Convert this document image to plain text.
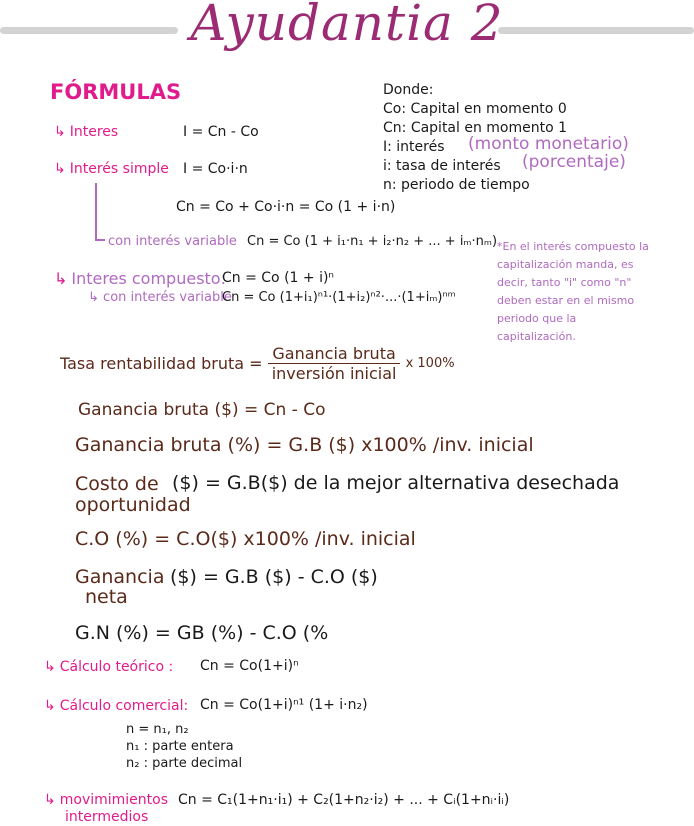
Ayudantia 2
FÓRMULAS	Donde:
Co: Capital en momento 0
Cn: Capital en momento 1
I: interés (monto monetario)
i: tasa de interés (porcentaje)
n: periodo de tiempo
↳ Interes	I = Cn - Co
↳ Interés simple I = Co·i·n
Cn = Co + Co·i·n = Co (1 + i·n)
con interés variable Cn = Co (1 + i₁·n₁ + i₂·n₂ + ... + iₘ·nₘ)
↳ Interes compuesto:
Cn = Co (1 + i)ⁿ
↳ con interés variable
Cn = Co (1+i₁)ⁿ¹·(1+i₂)ⁿ²·...·(1+iₘ)ⁿᵐ
*En el interés compuesto la capitalización manda, es decir, tanto "i" como "n" deben estar en el mismo periodo que la capitalización.
Tasa rentabilidad bruta = $\frac{\text{Ganancia bruta}}{\text{inversión inicial}}$ x 100%
Ganancia bruta ($) = Cn - Co
Ganancia bruta (%) = G.B ($) x100% /inv. inicial
Costo de
oportunidad
($) = G.B($) de la mejor alternativa desechada
C.O (%) = C.O($) x100% /inv. inicial
Ganancia
neta
($) = G.B ($) - C.O ($)
G.N (%) = GB (%) - C.O (%
↳ Cálculo teórico : Cn = Co(1+i)ⁿ
↳ Cálculo comercial: Cn = Co(1+i)ⁿ¹ (1+ i·n₂)
n = n₁, n₂
n₁ : parte entera
n₂ : parte decimal
↳ movimimientos
intermedios
Cn = C₁(1+n₁·i₁) + C₂(1+n₂·i₂) + ... + Cᵢ(1+nᵢ·iᵢ)
